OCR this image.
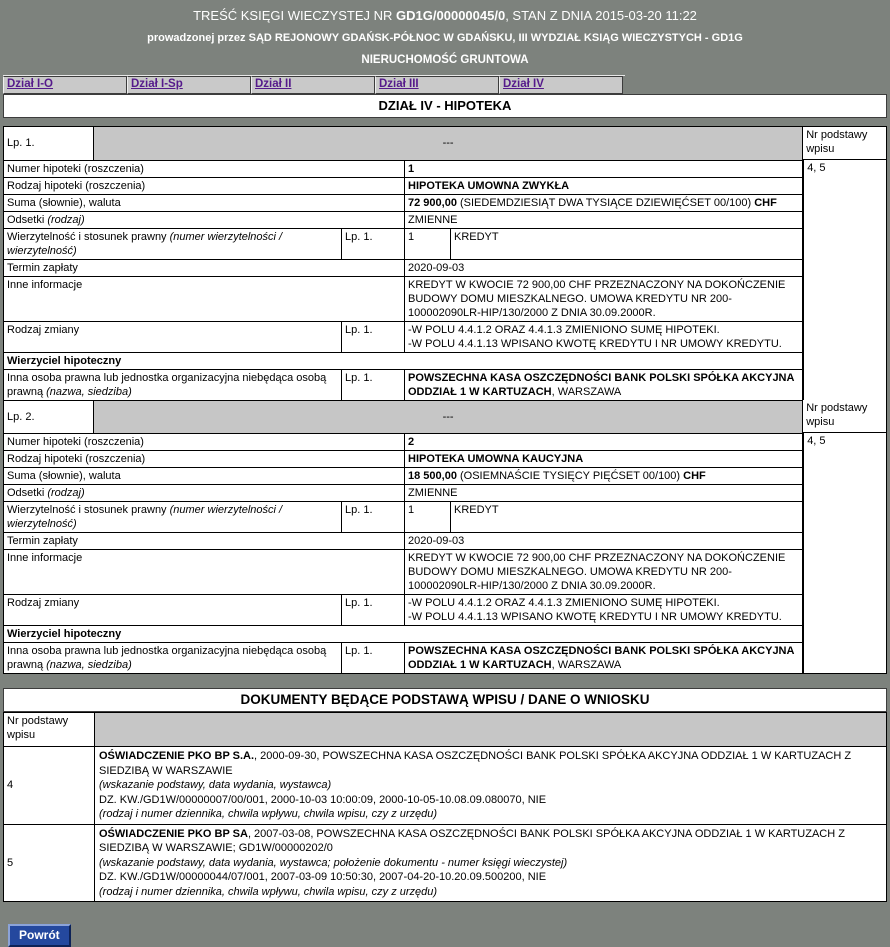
TREŚĆ KSIĘGI WIECZYSTEJ NR GD1G/00000045/0, STAN Z DNIA 2015-03-20 11:22
prowadzonej przez SĄD REJONOWY GDAŃSK-PÓŁNOC W GDAŃSKU, III WYDZIAŁ KSIĄG WIECZYSTYCH - GD1G
NIERUCHOMOŚĆ GRUNTOWA
Dział I-O	Dział I-Sp	Dział II	Dział III	Dział IV
DZIAŁ IV - HIPOTEKA
Lp. 1.	---
Numer hipoteki (roszczenia)	1
Rodzaj hipoteki (roszczenia)	HIPOTEKA UMOWNA ZWYKŁA
Suma (słownie), waluta	72 900,00 (SIEDEMDZIESIĄT DWA TYSIĄCE DZIEWIĘĆSET 00/100) CHF
Odsetki (rodzaj)	ZMIENNE
Wierzytelność i stosunek prawny (numer wierzytelności / wierzytelność)
Lp. 1.	1	KREDYT
Termin zapłaty	2020-09-03
Inne informacje	KREDYT W KWOCIE 72 900,00 CHF PRZEZNACZONY NA DOKOŃCZENIE BUDOWY DOMU MIESZKALNEGO. UMOWA KREDYTU NR 200-100002090LR-HIP/130/2000 Z DNIA 30.09.2000R.
Rodzaj zmiany	Lp. 1.	-W POLU 4.4.1.2 ORAZ 4.4.1.3 ZMIENIONO SUMĘ HIPOTEKI.
-W POLU 4.4.1.13 WPISANO KWOTĘ KREDYTU I NR UMOWY KREDYTU.
Wierzyciel hipoteczny
Inna osoba prawna lub jednostka organizacyjna niebędąca osobą prawną (nazwa, siedziba)
Lp. 1.	POWSZECHNA KASA OSZCZĘDNOŚCI BANK POLSKI SPÓŁKA AKCYJNA ODDZIAŁ 1 W KARTUZACH, WARSZAWA
Nr podstawy wpisu
4, 5
Lp. 2.	---
Numer hipoteki (roszczenia)	2
Rodzaj hipoteki (roszczenia)	HIPOTEKA UMOWNA KAUCYJNA
Suma (słownie), waluta	18 500,00 (OSIEMNAŚCIE TYSIĘCY PIĘĆSET 00/100) CHF
Odsetki (rodzaj)	ZMIENNE
Wierzytelność i stosunek prawny (numer wierzytelności / wierzytelność)
Lp. 1.	1	KREDYT
Termin zapłaty	2020-09-03
Inne informacje	KREDYT W KWOCIE 72 900,00 CHF PRZEZNACZONY NA DOKOŃCZENIE BUDOWY DOMU MIESZKALNEGO. UMOWA KREDYTU NR 200-100002090LR-HIP/130/2000 Z DNIA 30.09.2000R.
Rodzaj zmiany	Lp. 1.	-W POLU 4.4.1.2 ORAZ 4.4.1.3 ZMIENIONO SUMĘ HIPOTEKI.
-W POLU 4.4.1.13 WPISANO KWOTĘ KREDYTU I NR UMOWY KREDYTU.
Wierzyciel hipoteczny
Inna osoba prawna lub jednostka organizacyjna niebędąca osobą prawną (nazwa, siedziba)
Lp. 1.	POWSZECHNA KASA OSZCZĘDNOŚCI BANK POLSKI SPÓŁKA AKCYJNA ODDZIAŁ 1 W KARTUZACH, WARSZAWA
Nr podstawy wpisu
4, 5
DOKUMENTY BĘDĄCE PODSTAWĄ WPISU / DANE O WNIOSKU
Nr podstawy wpisu
4
OŚWIADCZENIE PKO BP S.A., 2000-09-30, POWSZECHNA KASA OSZCZĘDNOŚCI BANK POLSKI SPÓŁKA AKCYJNA ODDZIAŁ 1 W KARTUZACH Z SIEDZIBĄ W WARSZAWIE
(wskazanie podstawy, data wydania, wystawca)
DZ. KW./GD1W/00000007/00/001, 2000-10-03 10:00:09, 2000-10-05-10.08.09.080070, NIE
(rodzaj i numer dziennika, chwila wpływu, chwila wpisu, czy z urzędu)
5
OŚWIADCZENIE PKO BP SA, 2007-03-08, POWSZECHNA KASA OSZCZĘDNOŚCI BANK POLSKI SPÓŁKA AKCYJNA ODDZIAŁ 1 W KARTUZACH Z SIEDZIBĄ W WARSZAWIE; GD1W/00000202/0
(wskazanie podstawy, data wydania, wystawca; położenie dokumentu - numer księgi wieczystej)
DZ. KW./GD1W/00000044/07/001, 2007-03-09 10:50:30, 2007-04-20-10.20.09.500200, NIE
(rodzaj i numer dziennika, chwila wpływu, chwila wpisu, czy z urzędu)
Powrót
